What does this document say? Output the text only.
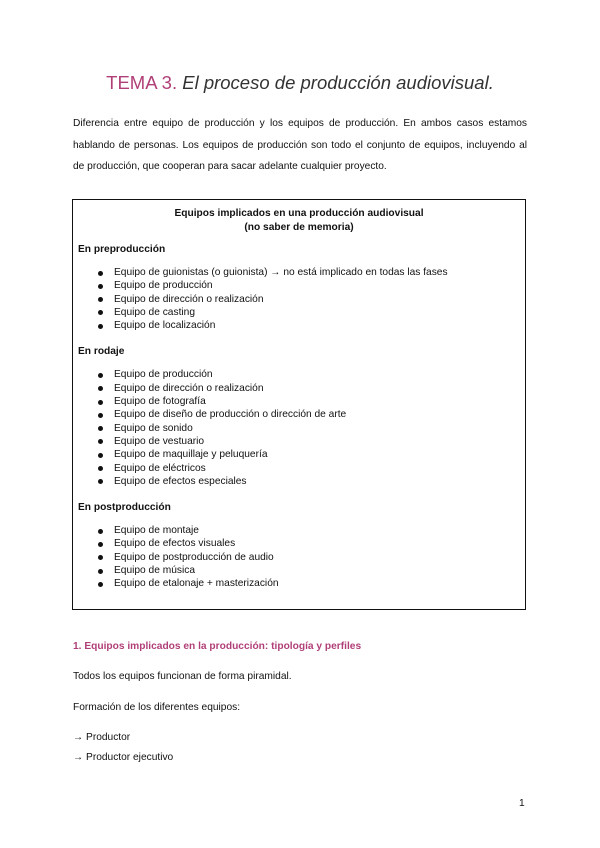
TEMA 3. El proceso de producción audiovisual.
Diferencia entre equipo de producción y los equipos de producción. En ambos casos estamos hablando de personas. Los equipos de producción son todo el conjunto de equipos, incluyendo al de producción, que cooperan para sacar adelante cualquier proyecto.
Equipos implicados en una producción audiovisual
(no saber de memoria)
En preproducción
Equipo de guionistas (o guionista) → no está implicado en todas las fases
Equipo de producción
Equipo de dirección o realización
Equipo de casting
Equipo de localización
En rodaje
Equipo de producción
Equipo de dirección o realización
Equipo de fotografía
Equipo de diseño de producción o dirección de arte
Equipo de sonido
Equipo de vestuario
Equipo de maquillaje y peluquería
Equipo de eléctricos
Equipo de efectos especiales
En postproducción
Equipo de montaje
Equipo de efectos visuales
Equipo de postproducción de audio
Equipo de música
Equipo de etalonaje + masterización
1. Equipos implicados en la producción: tipología y perfiles
Todos los equipos funcionan de forma piramidal.
Formación de los diferentes equipos:
→ Productor
→ Productor ejecutivo
1
